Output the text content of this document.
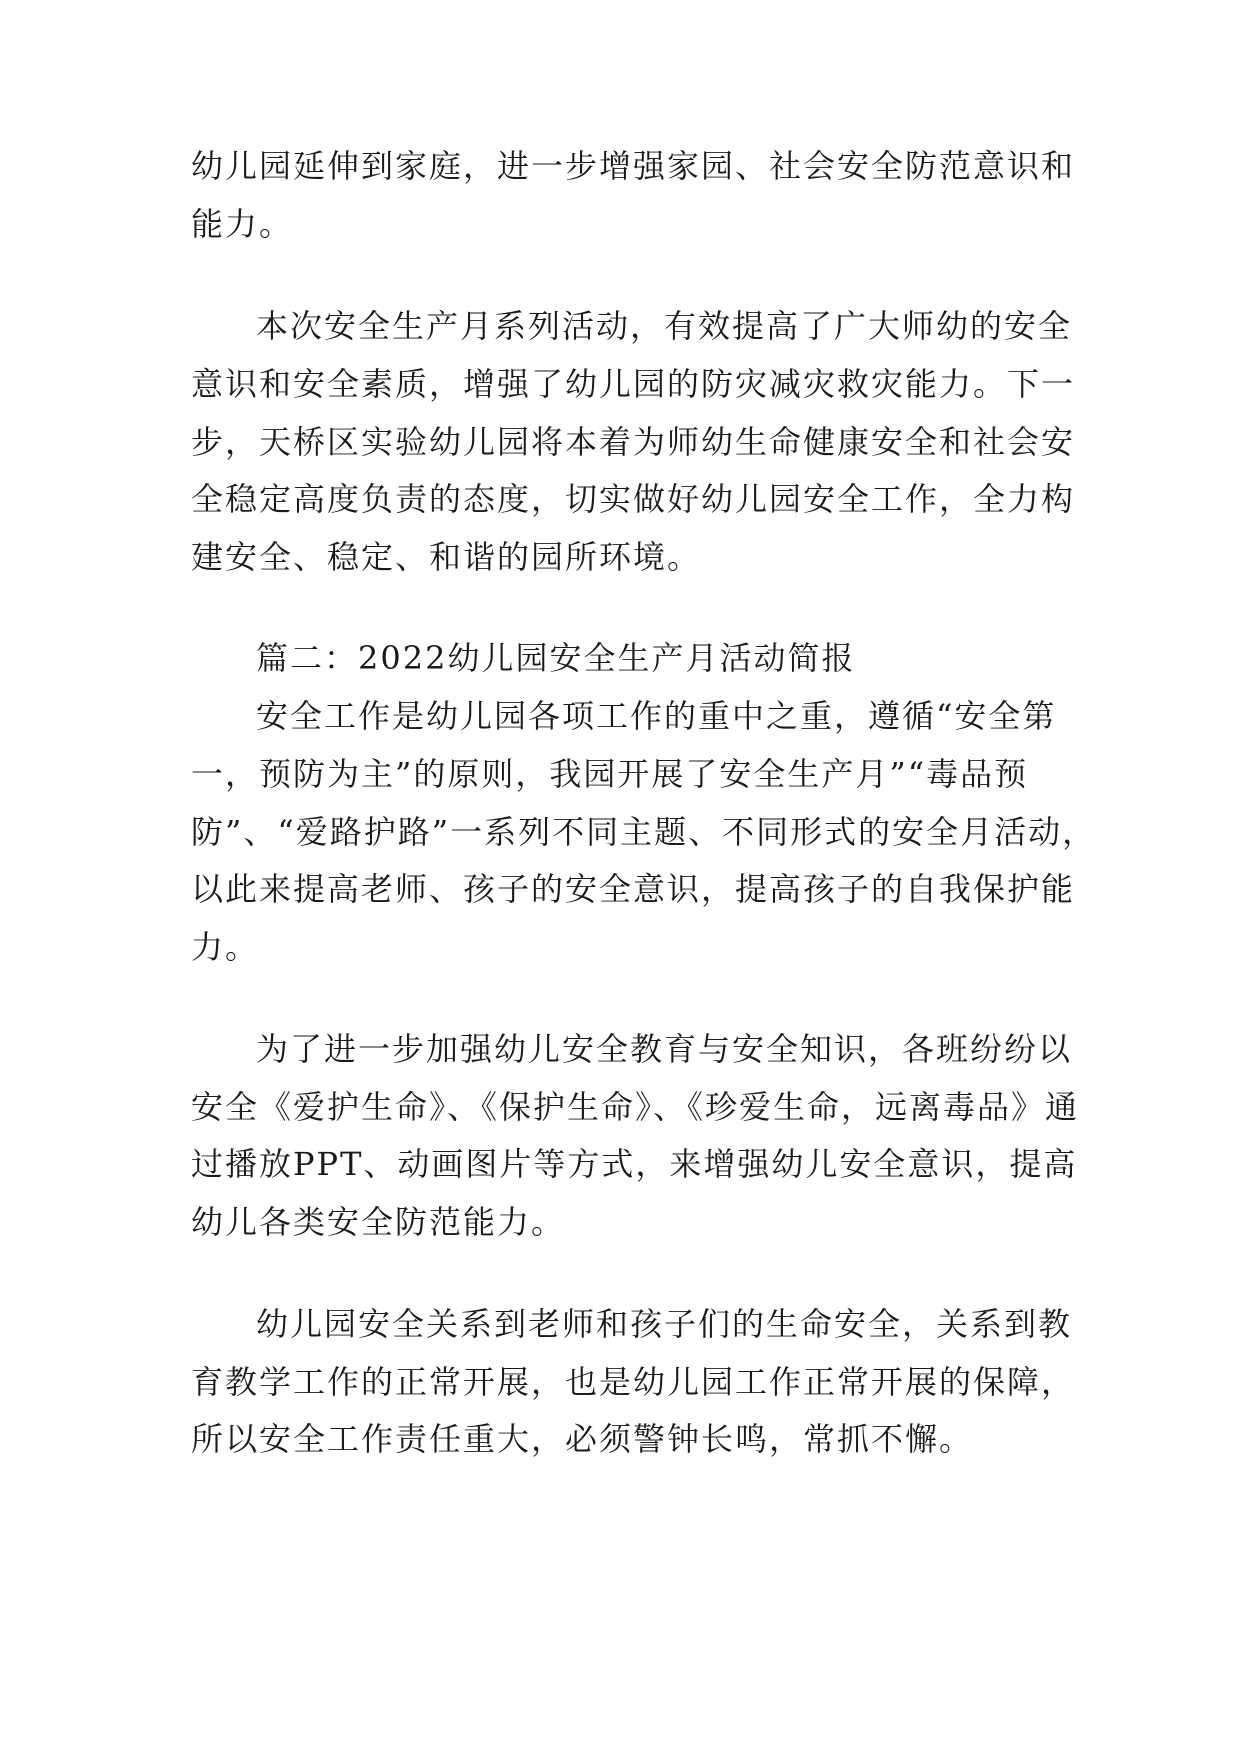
幼儿园延伸到家庭，进一步增强家园、社会安全防范意识和
能力。
本次安全生产月系列活动，有效提高了广大师幼的安全
意识和安全素质，增强了幼儿园的防灾减灾救灾能力。下一
步，天桥区实验幼儿园将本着为师幼生命健康安全和社会安
全稳定高度负责的态度，切实做好幼儿园安全工作，全力构
建安全、稳定、和谐的园所环境。
篇二：2022幼儿园安全生产月活动简报
安全工作是幼儿园各项工作的重中之重，遵循“安全第
一，预防为主”的原则，我园开展了安全生产月”“毒品预
防”、“爱路护路”一系列不同主题、不同形式的安全月活动，
以此来提高老师、孩子的安全意识，提高孩子的自我保护能
力。
为了进一步加强幼儿安全教育与安全知识，各班纷纷以
安全《爱护生命》、《保护生命》、《珍爱生命，远离毒品》通
过播放PPT、动画图片等方式，来增强幼儿安全意识，提高
幼儿各类安全防范能力。
幼儿园安全关系到老师和孩子们的生命安全，关系到教
育教学工作的正常开展，也是幼儿园工作正常开展的保障，
所以安全工作责任重大，必须警钟长鸣，常抓不懈。
